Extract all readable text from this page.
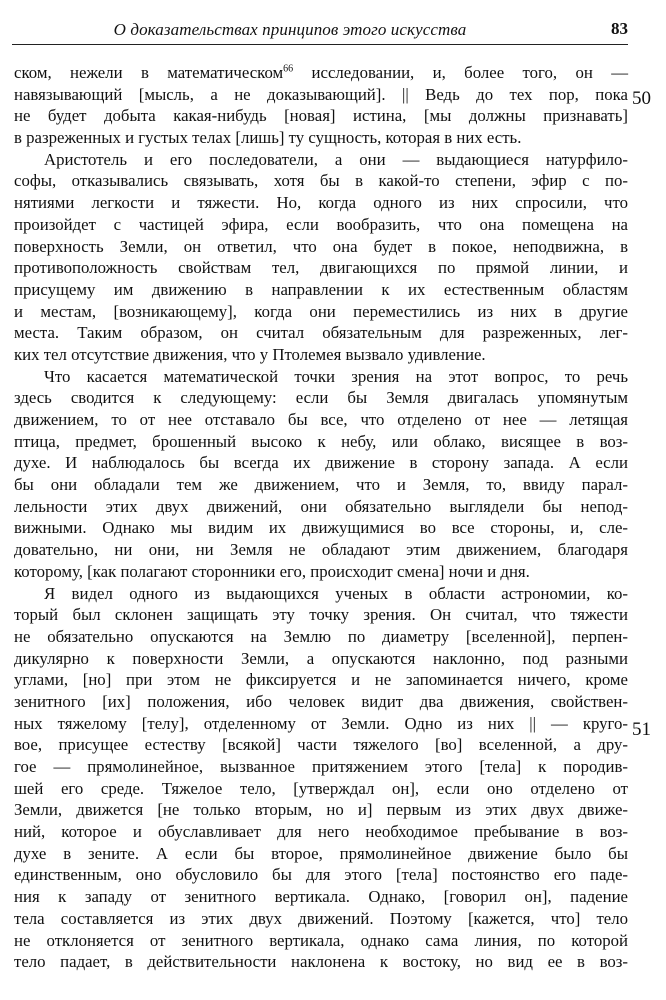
О доказательствах принципов этого искусства	83
50
51
ском, нежели в математическом$^{66}$ исследовании, и, более того, он —
навязывающий [мысль, а не доказывающий]. || Ведь до тех пор, пока
не будет добыта какая-нибудь [новая] истина, [мы должны признавать]
в разреженных и густых телах [лишь] ту сущность, которая в них есть.
Аристотель и его последователи, а они — выдающиеся натурфило-
софы, отказывались связывать, хотя бы в какой-то степени, эфир с по-
нятиями легкости и тяжести. Но, когда одного из них спросили, что
произойдет с частицей эфира, если вообразить, что она помещена на
поверхность Земли, он ответил, что она будет в покое, неподвижна, в
противоположность свойствам тел, двигающихся по прямой линии, и
присущему им движению в направлении к их естественным областям
и местам, [возникающему], когда они переместились из них в другие
места. Таким образом, он считал обязательным для разреженных, лег-
ких тел отсутствие движения, что у Птолемея вызвало удивление.
Что касается математической точки зрения на этот вопрос, то речь
здесь сводится к следующему: если бы Земля двигалась упомянутым
движением, то от нее отставало бы все, что отделено от нее — летящая
птица, предмет, брошенный высоко к небу, или облако, висящее в воз-
духе. И наблюдалось бы всегда их движение в сторону запада. А если
бы они обладали тем же движением, что и Земля, то, ввиду парал-
лельности этих двух движений, они обязательно выглядели бы непод-
вижными. Однако мы видим их движущимися во все стороны, и, сле-
довательно, ни они, ни Земля не обладают этим движением, благодаря
которому, [как полагают сторонники его, происходит смена] ночи и дня.
Я видел одного из выдающихся ученых в области астрономии, ко-
торый был склонен защищать эту точку зрения. Он считал, что тяжести
не обязательно опускаются на Землю по диаметру [вселенной], перпен-
дикулярно к поверхности Земли, а опускаются наклонно, под разными
углами, [но] при этом не фиксируется и не запоминается ничего, кроме
зенитного [их] положения, ибо человек видит два движения, свойствен-
ных тяжелому [телу], отделенному от Земли. Одно из них || — круго-
вое, присущее естеству [всякой] части тяжелого [во] вселенной, а дру-
гое — прямолинейное, вызванное притяжением этого [тела] к породив-
шей его среде. Тяжелое тело, [утверждал он], если оно отделено от
Земли, движется [не только вторым, но и] первым из этих двух движе-
ний, которое и обуславливает для него необходимое пребывание в воз-
духе в зените. А если бы второе, прямолинейное движение было бы
единственным, оно обусловило бы для этого [тела] постоянство его паде-
ния к западу от зенитного вертикала. Однако, [говорил он], падение
тела составляется из этих двух движений. Поэтому [кажется, что] тело
не отклоняется от зенитного вертикала, однако сама линия, по которой
тело падает, в действительности наклонена к востоку, но вид ее в воз-
